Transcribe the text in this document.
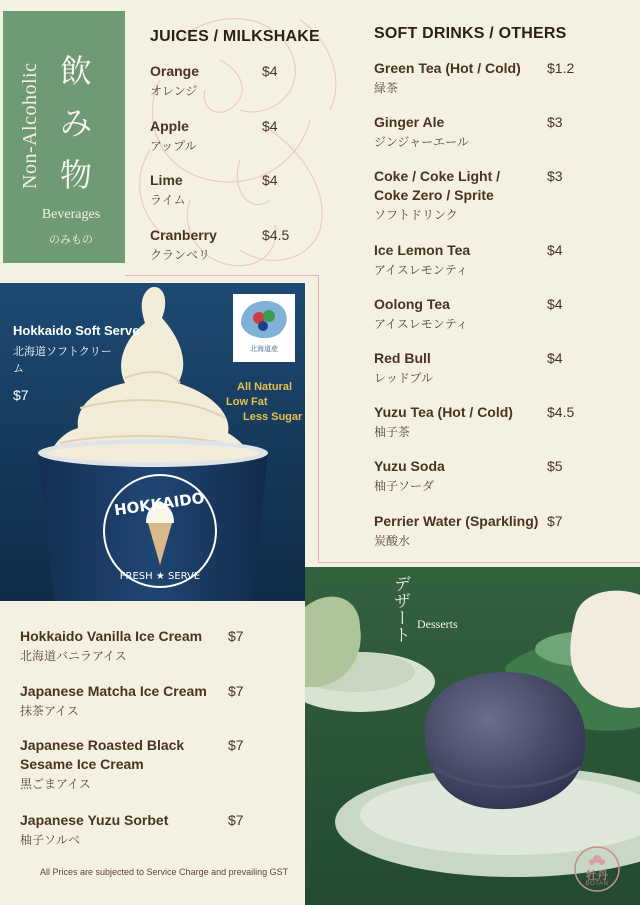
Non-Alcoholic 飲
み
物
Beverages
のみもの
JUICES / MILKSHAKE
Orange
オレンジ
$4
Apple
アップル
$4
Lime
ライム
$4
Cranberry
クランベリ
$4.5
SOFT DRINKS / OTHERS
Green Tea (Hot / Cold)
緑茶
$1.2
Ginger Ale
ジンジャーエール
$3
Coke / Coke Light /
Coke Zero / Sprite
ソフトドリンク
$3
Ice Lemon Tea
アイスレモンティ
$4
Oolong Tea
アイスレモンティ
$4
Red Bull
レッドブル
$4
Yuzu Tea (Hot / Cold)
柚子茶
$4.5
Yuzu Soda
柚子ソーダ
$5
Perrier Water (Sparkling)
炭酸水
$7
HOKKAIDO
FRESH ★ SERVE
Hokkaido Soft Serve
北海道ソフトクリーム
$7	All Natural
Low Fat
Less Sugar
北海道産
Hokkaido Vanilla Ice Cream
北海道バニラアイス
$7
Japanese Matcha Ice Cream
抹茶アイス
$7
Japanese Roasted Black
Sesame Ice Cream
黒ごまアイス
$7
Japanese Yuzu Sorbet
柚子ソルベ
$7
All Prices are subjected to Service Charge and prevailing GST
デザート Desserts
牡丹
BOTAN
